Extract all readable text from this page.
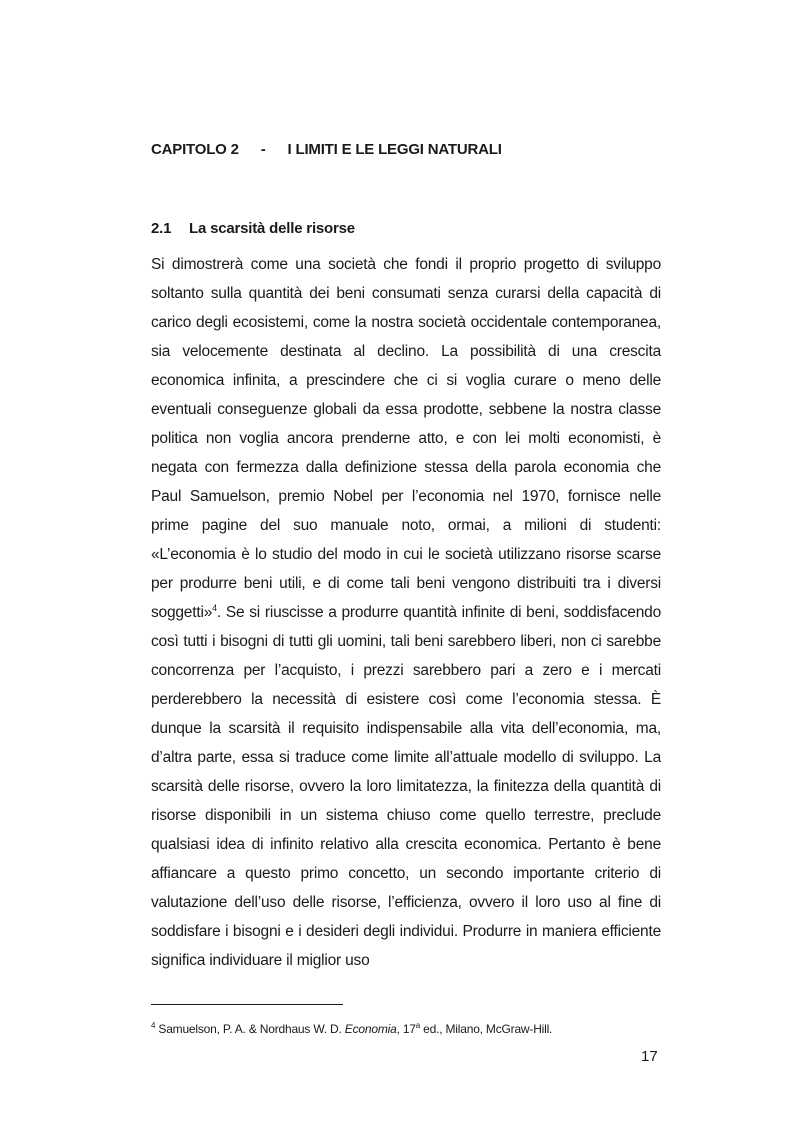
CAPITOLO 2 - I LIMITI E LE LEGGI NATURALI
2.1 La scarsità delle risorse

Si dimostrerà come una società che fondi il proprio progetto di sviluppo soltanto sulla quantità dei beni consumati senza curarsi della capacità di carico degli ecosistemi, come la nostra società occidentale contemporanea, sia velocemente destinata al declino. La possibilità di una crescita economica infinita, a prescindere che ci si voglia curare o meno delle eventuali conseguenze globali da essa prodotte, sebbene la nostra classe politica non voglia ancora prenderne atto, e con lei molti economisti, è negata con fermezza dalla definizione stessa della parola economia che Paul Samuelson, premio Nobel per l’economia nel 1970, fornisce nelle prime pagine del suo manuale noto, ormai, a milioni di studenti: «L’economia è lo studio del modo in cui le società utilizzano risorse scarse per produrre beni utili, e di come tali beni vengono distribuiti tra i diversi soggetti»$^4$. Se si riuscisse a produrre quantità infinite di beni, soddisfacendo così tutti i bisogni di tutti gli uomini, tali beni sarebbero liberi, non ci sarebbe concorrenza per l’acquisto, i prezzi sarebbero pari a zero e i mercati perderebbero la necessità di esistere così come l’economia stessa. È dunque la scarsità il requisito indispensabile alla vita dell’economia, ma, d’altra parte, essa si traduce come limite all’attuale modello di sviluppo. La scarsità delle risorse, ovvero la loro limitatezza, la finitezza della quantità di risorse disponibili in un sistema chiuso come quello terrestre, preclude qualsiasi idea di infinito relativo alla crescita economica. Pertanto è bene affiancare a questo primo concetto, un secondo importante criterio di valutazione dell’uso delle risorse, l’efficienza, ovvero il loro uso al fine di soddisfare i bisogni e i desideri degli individui. Produrre in maniera efficiente significa individuare il miglior uso

$^4$ Samuelson, P. A. & Nordhaus W. D. Economia, 17$^a$ ed., Milano, McGraw-Hill.
17
